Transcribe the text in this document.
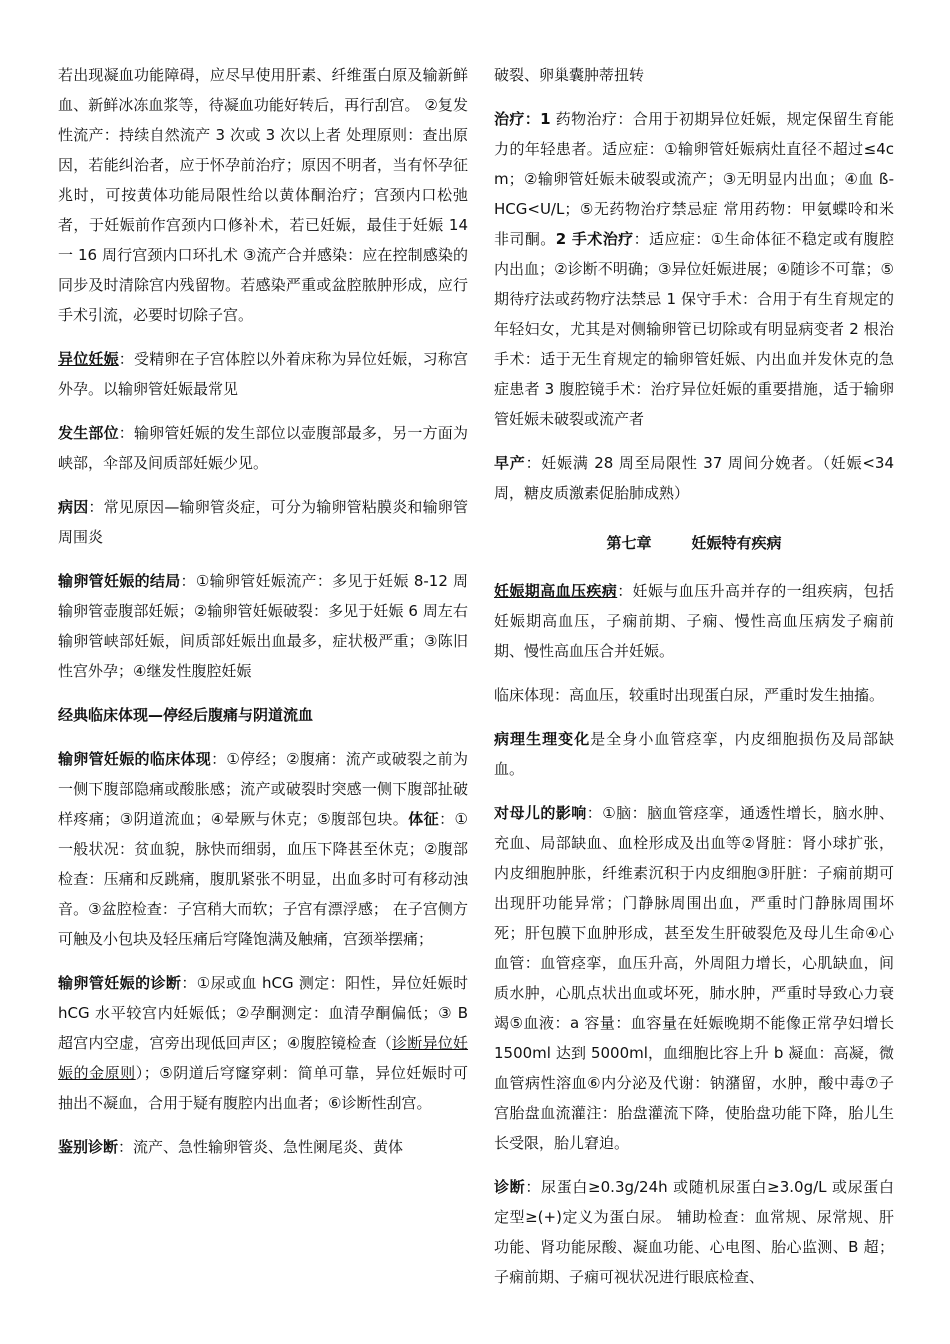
若出现凝血功能障碍，应尽早使用肝素、纤维蛋白原及输新鲜血、新鲜冰冻血浆等，待凝血功能好转后，再行刮宫。 ②复发性流产：持续自然流产 3 次或 3 次以上者 处理原则：查出原因，若能纠治者，应于怀孕前治疗；原因不明者，当有怀孕征兆时，可按黄体功能局限性给以黄体酮治疗；宫颈内口松弛者，于妊娠前作宫颈内口修补术，若已妊娠，最佳于妊娠 14 一 16 周行宫颈内口环扎术 ③流产合并感染：应在控制感染的同步及时清除宫内残留物。若感染严重或盆腔脓肿形成，应行手术引流，必要时切除子宫。

异位妊娠：受精卵在子宫体腔以外着床称为异位妊娠，习称宫外孕。以输卵管妊娠最常见

发生部位：输卵管妊娠的发生部位以壶腹部最多，另一方面为峡部，伞部及间质部妊娠少见。

病因：常见原因—输卵管炎症，可分为输卵管粘膜炎和输卵管周围炎

输卵管妊娠的结局：①输卵管妊娠流产：多见于妊娠 8-12 周输卵管壶腹部妊娠；②输卵管妊娠破裂：多见于妊娠 6 周左右输卵管峡部妊娠，间质部妊娠出血最多，症状极严重；③陈旧性宫外孕；④继发性腹腔妊娠

经典临床体现—停经后腹痛与阴道流血

输卵管妊娠的临床体现：①停经；②腹痛：流产或破裂之前为一侧下腹部隐痛或酸胀感；流产或破裂时突感一侧下腹部扯破样疼痛；③阴道流血；④晕厥与休克；⑤腹部包块。体征：①一般状况：贫血貌，脉快而细弱，血压下降甚至休克；②腹部检查：压痛和反跳痛，腹肌紧张不明显，出血多时可有移动浊音。③盆腔检查：子宫稍大而软；子宫有漂浮感； 在子宫侧方可触及小包块及轻压痛后穹隆饱满及触痛，宫颈举摆痛；

输卵管妊娠的诊断：①尿或血 hCG 测定：阳性，异位妊娠时 hCG 水平较宫内妊娠低；②孕酮测定：血清孕酮偏低；③ B 超宫内空虚，宫旁出现低回声区；④腹腔镜检查（诊断异位妊娠的金原则）；⑤阴道后穹窿穿刺：简单可靠，异位妊娠时可抽出不凝血，合用于疑有腹腔内出血者；⑥诊断性刮宫。

鉴别诊断：流产、急性输卵管炎、急性阑尾炎、黄体

破裂、卵巢囊肿蒂扭转

治疗：1 药物治疗：合用于初期异位妊娠，规定保留生育能力的年轻患者。适应症：①输卵管妊娠病灶直径不超过≤4cm；②输卵管妊娠未破裂或流产；③无明显内出血；④血 ß-HCG<U/L；⑤无药物治疗禁忌症 常用药物：甲氨蝶呤和米非司酮。2 手术治疗：适应症：①生命体征不稳定或有腹腔内出血；②诊断不明确；③异位妊娠进展；④随诊不可靠；⑤期待疗法或药物疗法禁忌 1 保守手术：合用于有生育规定的年轻妇女，尤其是对侧输卵管已切除或有明显病变者 2 根治手术：适于无生育规定的输卵管妊娠、内出血并发休克的急症患者 3 腹腔镜手术：治疗异位妊娠的重要措施，适于输卵管妊娠未破裂或流产者

早产：妊娠满 28 周至局限性 37 周间分娩者。（妊娠<34 周，糖皮质激素促胎肺成熟）

第七章	妊娠特有疾病

妊娠期高血压疾病：妊娠与血压升高并存的一组疾病，包括妊娠期高血压，子痫前期、子痫、慢性高血压病发子痫前期、慢性高血压合并妊娠。

临床体现：高血压，较重时出现蛋白尿，严重时发生抽搐。

病理生理变化是全身小血管痉挛，内皮细胞损伤及局部缺血。

对母儿的影响：①脑：脑血管痉挛，通透性增长，脑水肿、充血、局部缺血、血栓形成及出血等②肾脏：肾小球扩张，内皮细胞肿胀，纤维素沉积于内皮细胞③肝脏：子痫前期可出现肝功能异常；门静脉周围出血，严重时门静脉周围坏死；肝包膜下血肿形成，甚至发生肝破裂危及母儿生命④心血管：血管痉挛，血压升高，外周阻力增长，心肌缺血，间质水肿，心肌点状出血或坏死，肺水肿，严重时导致心力衰竭⑤血液：a 容量：血容量在妊娠晚期不能像正常孕妇增长 1500ml 达到 5000ml，血细胞比容上升 b 凝血：高凝，微血管病性溶血⑥内分泌及代谢：钠潴留，水肿，酸中毒⑦子宫胎盘血流灌注：胎盘灌流下降，使胎盘功能下降，胎儿生长受限，胎儿窘迫。

诊断：尿蛋白≥0.3g/24h 或随机尿蛋白≥3.0g/L 或尿蛋白定型≥(+)定义为蛋白尿。 辅助检查：血常规、尿常规、肝功能、肾功能尿酸、凝血功能、心电图、胎心监测、B 超；子痫前期、子痫可视状况进行眼底检查、
